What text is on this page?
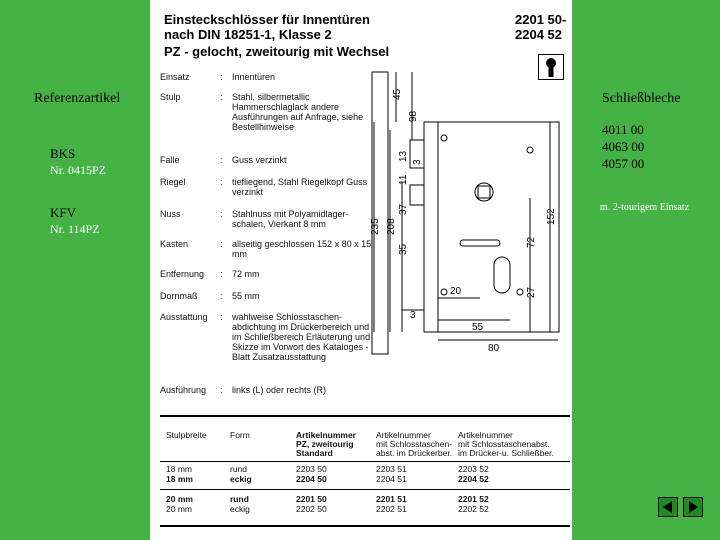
Referenzartikel
BKS
Nr. 0415PZ
KFV
Nr. 114PZ
Schließbleche
4011 00
4063 00
4057 00
m. 2-tourigem Einsatz
Einsteckschlösser für Innentüren
nach DIN 18251-1, Klasse 2
2201 50-
2204 52
PZ - gelocht, zweitourig mit Wechsel
Einsatz	: Innentüren
Stulp	: Stahl, silbermetallic Hammerschlaglack andere Ausführungen auf Anfrage, siehe Bestellhinweise
Falle	: Guss verzinkt
Riegel	: tiefliegend, Stahl Riegelkopf Guss verzinkt
Nuss	: Stahlnuss mit Polyamidlager-schalen, Vierkant 8 mm
Kasten	: allseitig geschlossen 152 x 80 x 15 mm
Entfernung	: 72 mm
Dornmaß	: 55 mm
Ausstattung	: wahlweise Schlosstaschen-abdichtung im Drückerbereich und im Schließbereich Erläuterung und Skizze im Vorwort des Kataloges - Blatt Zusatzausstattung
Ausführung	: links (L) oder rechts (R)
45
98
3
13
11
37
208
235
35
72
152
27
20
55
80
3
Stulpbreite	Form	Artikelnummer
PZ, zweitourig
Standard
Artikelnummer
mit Schlosstaschen-
abst. im Drückerber.
Artikelnummer
mit Schlosstaschenabst.
im Drücker-u. Schließber.
18 mm	rund	2203 50	2203 51	2203 52
18 mm	eckig	2204 50	2204 51	2204 52
20 mm	rund	2201 50	2201 51	2201 52
20 mm	eckig	2202 50	2202 51	2202 52
